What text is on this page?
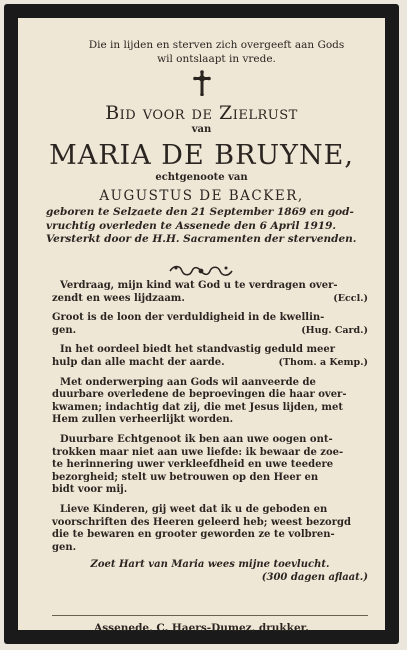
Die in lijden en sterven zich overgeeft aan Gods
wil ontslaapt in vrede.
Bid voor de Zielrust
van
MARIA DE BRUYNE,
echtgenoote van
AUGUSTUS DE BACKER,
geboren te Selzaete den 21 September 1869 en god-
vruchtig overleden te Assenede den 6 April 1919.
Versterkt door de H.H. Sacramenten der stervenden.
Verdraag, mijn kind wat God u te verdragen over-
zendt en wees lijdzaam.	(Eccl.)
Groot is de loon der verduldigheid in de kwellin-
gen.	(Hug. Card.)
In het oordeel biedt het standvastig geduld meer
hulp dan alle macht der aarde.	(Thom. a Kemp.)
Met onderwerping aan Gods wil aanveerde de
duurbare overledene de beproevingen die haar over-
kwamen; indachtig dat zij, die met Jesus lijden, met
Hem zullen verheerlijkt worden.
Duurbare Echtgenoot ik ben aan uwe oogen ont-
trokken maar niet aan uwe liefde: ik bewaar de zoe-
te herinnering uwer verkleefdheid en uwe teedere
bezorgheid; stelt uw betrouwen op den Heer en
bidt voor mij.
Lieve Kinderen, gij weet dat ik u de geboden en
voorschriften des Heeren geleerd heb; weest bezorgd
die te bewaren en grooter geworden ze te volbren-
gen.
Zoet Hart van Maria wees mijne toevlucht.
(300 dagen aflaat.)
Assenede, C. Haers-Dumez, drukker.
